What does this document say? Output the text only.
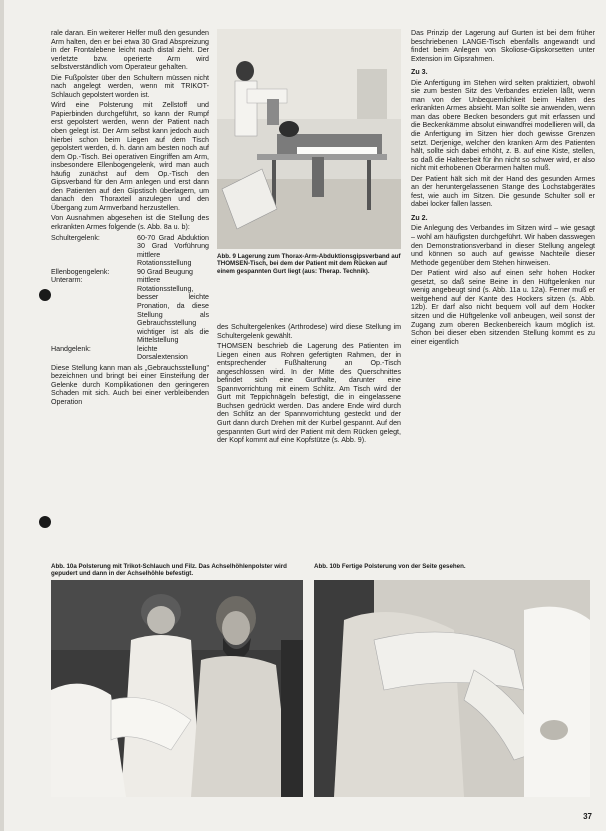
rale daran. Ein weiterer Helfer muß den gesunden Arm halten, den er bei etwa 30 Grad Abspreizung in der Frontalebene leicht nach distal zieht. Der verletzte bzw. operierte Arm wird selbstverständlich vom Operateur gehalten.

Die Fußpolster über den Schultern müssen nicht nach angelegt werden, wenn mit TRIKOT-Schlauch gepolstert worden ist.

Wird eine Polsterung mit Zellstoff und Papierbinden durchgeführt, so kann der Rumpf erst gepolstert werden, wenn der Patient nach oben gelegt ist. Der Arm selbst kann jedoch auch hierbei schon beim Liegen auf dem Tisch gepolstert werden, d. h. dann am besten noch auf dem Op.-Tisch. Bei operativen Eingriffen am Arm, insbesondere Ellenbogengelenk, wird man auch häufig zunächst auf dem Op.-Tisch den Gipsverband für den Arm anlegen und erst dann den Patienten auf den Gipstisch überlagern, um danach den Thoraxteil anzulegen und den Übergang zum Armverband herzustellen.

Von Ausnahmen abgesehen ist die Stellung des erkrankten Armes folgende (s. Abb. 8a u. b):

Schultergelenk:	60-70 Grad Abduktion 30 Grad Vorführung mittlere Rotationsstellung
Ellenbogengelenk:	90 Grad Beugung
Unterarm:	mittlere Rotationsstellung, besser leichte Pronation, da diese Stellung als Gebrauchsstellung wichtiger ist als die Mittelstellung
Handgelenk:	leichte Dorsalextension

Diese Stellung kann man als „Gebrauchsstellung" bezeichnen und bringt bei einer Einsteifung der Gelenke durch Komplikationen den geringeren Schaden mit sich. Auch bei einer verbleibenden Operation

Abb. 9 Lagerung zum Thorax-Arm-Abduktionsgipsverband auf THOMSEN-Tisch, bei dem der Patient mit dem Rücken auf einem gespannten Gurt liegt (aus: Therap. Technik).

des Schultergelenkes (Arthrodese) wird diese Stellung im Schultergelenk gewählt.

THOMSEN beschrieb die Lagerung des Patienten im Liegen einen aus Rohren gefertigten Rahmen, der in entsprechender Fußhalterung an Op.-Tisch angeschlossen wird. In der Mitte des Querschnittes befindet sich eine Gurthalte, darunter eine Spannvorrichtung mit einem Schlitz. Am Tisch wird der Gurt mit Teppichnägeln befestigt, die in eingelassene Buchsen gedrückt werden. Das andere Ende wird durch den Schlitz an der Spannvorrichtung gesteckt und der Gurt dann durch Drehen mit der Kurbel gespannt. Auf den gespannten Gurt wird der Patient mit dem Rücken gelegt, der Kopf kommt auf eine Kopfstütze (s. Abb. 9).

Das Prinzip der Lagerung auf Gurten ist bei dem früher beschriebenen LANGE-Tisch ebenfalls angewandt und findet beim Anlegen von Skoliose-Gipskorsetten unter Extension im Gipsrahmen.

Zu 3.

Die Anfertigung im Stehen wird selten praktiziert, obwohl sie zum besten Sitz des Verbandes erzielen läßt, wenn man von der Unbequemlichkeit beim Halten des erkrankten Armes absieht. Man sollte sie anwenden, wenn man das obere Becken besonders gut mit erfassen und die Beckenkämme absolut einwandfrei modellieren will, da die Anfertigung im Sitzen hier doch gewisse Grenzen setzt. Derjenige, welcher den kranken Arm des Patienten hält, sollte sich dabei erhöht, z. B. auf eine Kiste, stellen, so daß die Halteerbeit für ihn nicht so schwer wird, er also nicht mit erhobenen Oberarmen halten muß.

Der Patient hält sich mit der Hand des gesunden Armes an der heruntergelassenen Stange des Lochstabgerätes fest, wie auch im Sitzen. Die gesunde Schulter soll er dabei locker fallen lassen.

Zu 2.

Die Anlegung des Verbandes im Sitzen wird – wie gesagt – wohl am häufigsten durchgeführt. Wir haben dasswegen den Demonstrationsverband in dieser Stellung angelegt und können so auch auf gewisse Nachteile dieser Methode gegenüber dem Stehen hinweisen.

Der Patient wird also auf einen sehr hohen Hocker gesetzt, so daß seine Beine in den Hüftgelenken nur wenig angebeugt sind (s. Abb. 11a u. 12a). Ferner muß er weitgehend auf der Kante des Hockers sitzen (s. Abb. 12b). Er darf also nicht bequem voll auf dem Hocker sitzen und die Hüftgelenke voll anbeugen, weil sonst der Zugang zum oberen Beckenbereich kaum möglich ist. Schon bei dieser eben sitzenden Stellung kommt es zu einer eigentlich

Abb. 10a Polsterung mit Trikot-Schlauch und Filz. Das Achselhöhlenpolster wird gepudert und dann in der Achselhöhle befestigt.
Abb. 10b Fertige Polsterung von der Seite gesehen.
37
